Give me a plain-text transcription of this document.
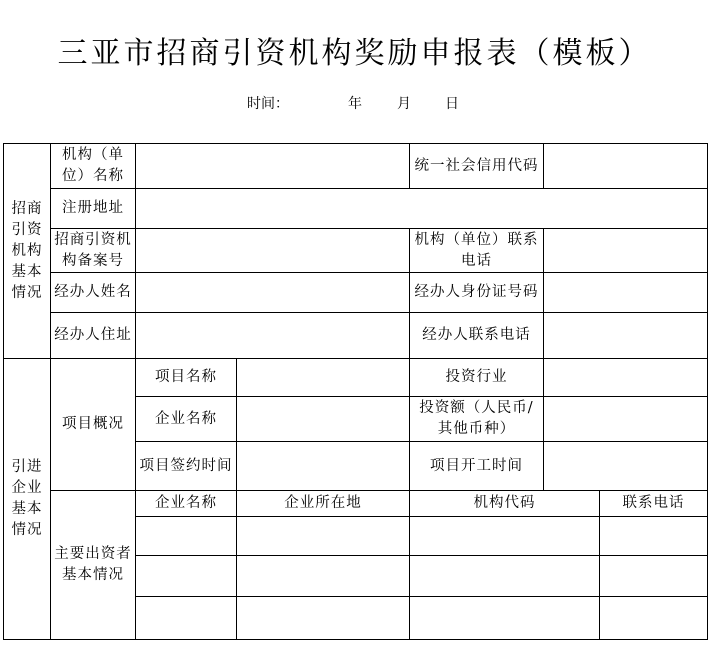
三亚市招商引资机构奖励申报表（模板）
时间：	年	月 日
招商引资机构基本情况	机构（单位）名称			统一社会信用代码		
	注册地址					
	招商引资机构备案号			机构（单位）联系电话		
	经办人姓名			经办人身份证号码		
	经办人住址			经办人联系电话		
引进企业基本情况	项目概况	项目名称		投资行业		
		企业名称		投资额（人民币/其他币种）		
		项目签约时间		项目开工时间		
	主要出资者基本情况	企业名称	企业所在地	机构代码		联系电话
